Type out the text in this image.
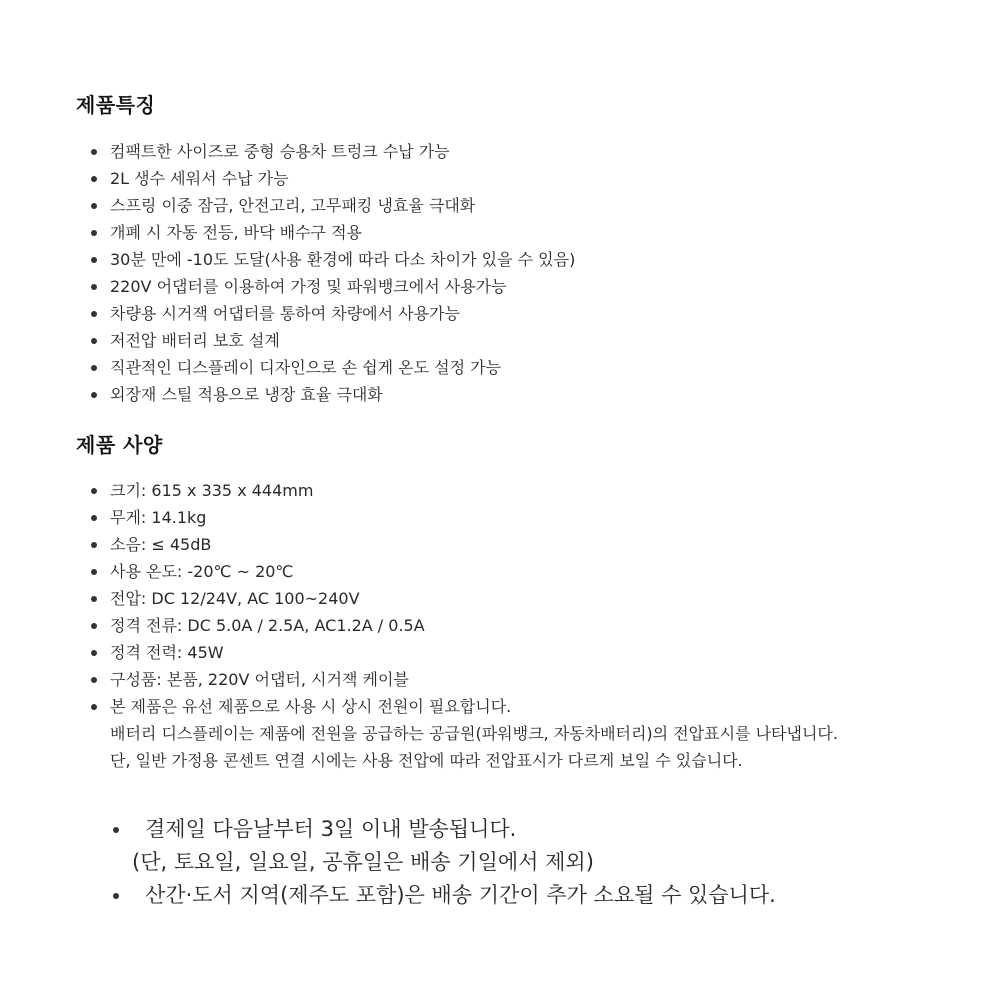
제품특징
컴팩트한 사이즈로 중형 승용차 트렁크 수납 가능
2L 생수 세워서 수납 가능
스프링 이중 잠금, 안전고리, 고무패킹 냉효율 극대화
개폐 시 자동 전등, 바닥 배수구 적용
30분 만에 -10도 도달(사용 환경에 따라 다소 차이가 있을 수 있음)
220V 어댑터를 이용하여 가정 및 파워뱅크에서 사용가능
차량용 시거잭 어댑터를 통하여 차량에서 사용가능
저전압 배터리 보호 설계
직관적인 디스플레이 디자인으로 손 쉽게 온도 설정 가능
외장재 스틸 적용으로 냉장 효율 극대화
제품 사양
크기: 615 x 335 x 444mm
무게: 14.1kg
소음: ≤ 45dB
사용 온도: -20℃ ~ 20℃
전압: DC 12/24V, AC 100~240V
정격 전류: DC 5.0A / 2.5A, AC1.2A / 0.5A
정격 전력: 45W
구성품: 본품, 220V 어댑터, 시거잭 케이블
본 제품은 유선 제품으로 사용 시 상시 전원이 필요합니다.
배터리 디스플레이는 제품에 전원을 공급하는 공급원(파워뱅크, 자동차배터리)의 전압표시를 나타냅니다.
단, 일반 가정용 콘센트 연결 시에는 사용 전압에 따라 전압표시가 다르게 보일 수 있습니다.
결제일 다음날부터 3일 이내 발송됩니다.
(단, 토요일, 일요일, 공휴일은 배송 기일에서 제외)
산간·도서 지역(제주도 포함)은 배송 기간이 추가 소요될 수 있습니다.
